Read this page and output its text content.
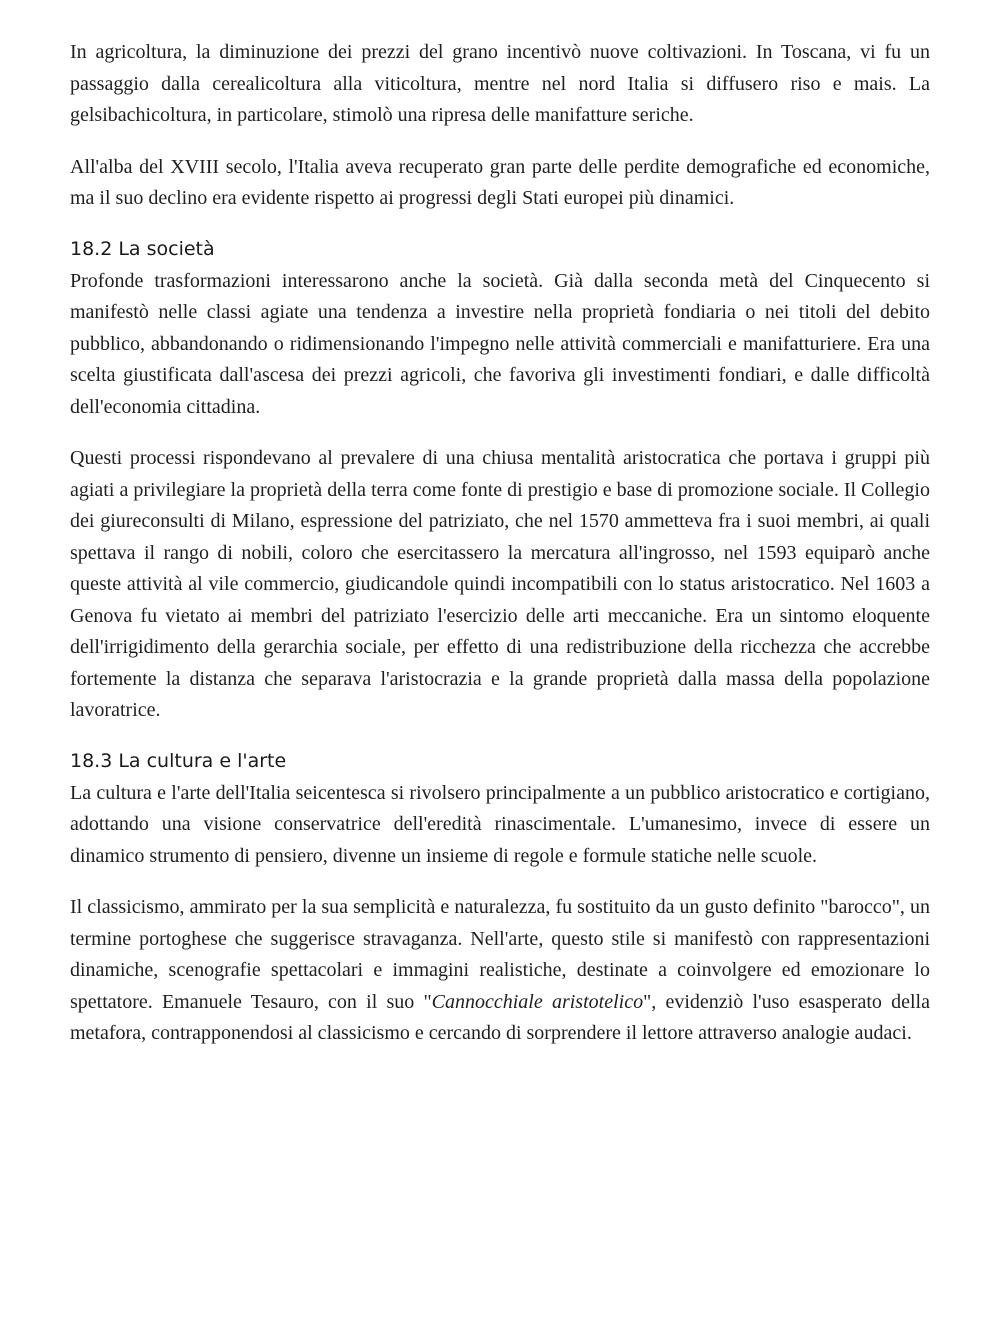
In agricoltura, la diminuzione dei prezzi del grano incentivò nuove coltivazioni. In Toscana, vi fu un passaggio dalla cerealicoltura alla viticoltura, mentre nel nord Italia si diffusero riso e mais. La gelsibachicoltura, in particolare, stimolò una ripresa delle manifatture seriche.

All'alba del XVIII secolo, l'Italia aveva recuperato gran parte delle perdite demografiche ed economiche, ma il suo declino era evidente rispetto ai progressi degli Stati europei più dinamici.

18.2 La società

Profonde trasformazioni interessarono anche la società. Già dalla seconda metà del Cinquecento si manifestò nelle classi agiate una tendenza a investire nella proprietà fondiaria o nei titoli del debito pubblico, abbandonando o ridimensionando l'impegno nelle attività commerciali e manifatturiere. Era una scelta giustificata dall'ascesa dei prezzi agricoli, che favoriva gli investimenti fondiari, e dalle difficoltà dell'economia cittadina.

Questi processi rispondevano al prevalere di una chiusa mentalità aristocratica che portava i gruppi più agiati a privilegiare la proprietà della terra come fonte di prestigio e base di promozione sociale. Il Collegio dei giureconsulti di Milano, espressione del patriziato, che nel 1570 ammetteva fra i suoi membri, ai quali spettava il rango di nobili, coloro che esercitassero la mercatura all'ingrosso, nel 1593 equiparò anche queste attività al vile commercio, giudicandole quindi incompatibili con lo status aristocratico. Nel 1603 a Genova fu vietato ai membri del patriziato l'esercizio delle arti meccaniche. Era un sintomo eloquente dell'irrigidimento della gerarchia sociale, per effetto di una redistribuzione della ricchezza che accrebbe fortemente la distanza che separava l'aristocrazia e la grande proprietà dalla massa della popolazione lavoratrice.

18.3 La cultura e l'arte

La cultura e l'arte dell'Italia seicentesca si rivolsero principalmente a un pubblico aristocratico e cortigiano, adottando una visione conservatrice dell'eredità rinascimentale. L'umanesimo, invece di essere un dinamico strumento di pensiero, divenne un insieme di regole e formule statiche nelle scuole.

Il classicismo, ammirato per la sua semplicità e naturalezza, fu sostituito da un gusto definito "barocco", un termine portoghese che suggerisce stravaganza. Nell'arte, questo stile si manifestò con rappresentazioni dinamiche, scenografie spettacolari e immagini realistiche, destinate a coinvolgere ed emozionare lo spettatore. Emanuele Tesauro, con il suo "Cannocchiale aristotelico", evidenziò l'uso esasperato della metafora, contrapponendosi al classicismo e cercando di sorprendere il lettore attraverso analogie audaci.
